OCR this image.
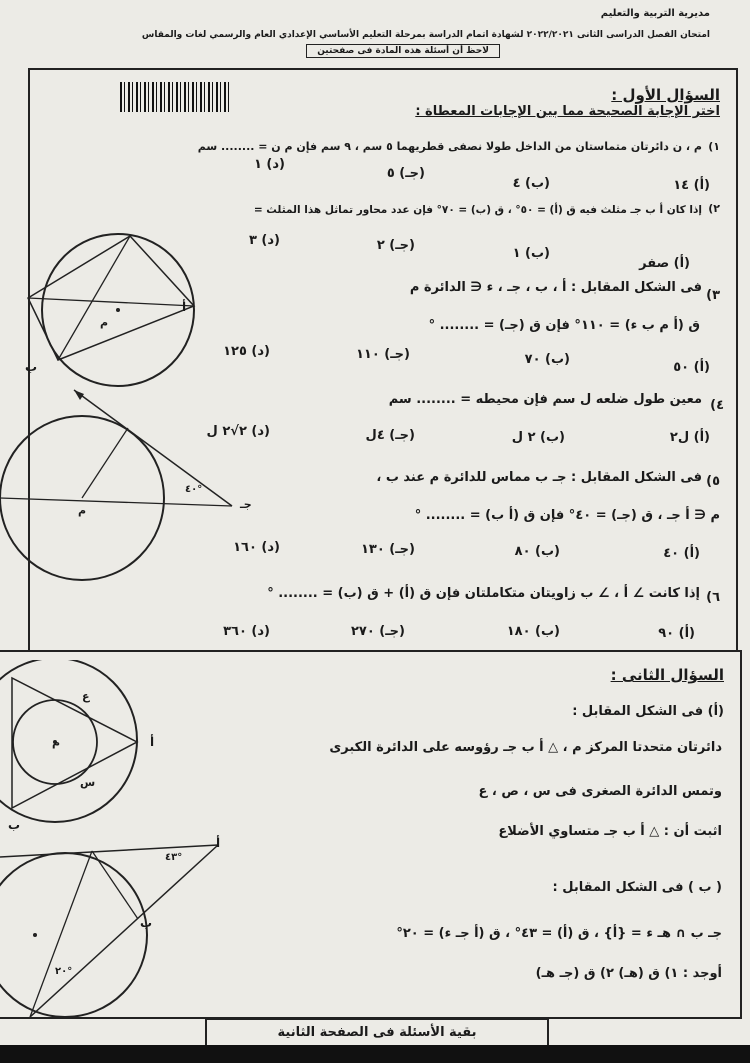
مديرية التربية والتعليم
امتحان الفصل الدراسى الثانى ٢٠٢٢/٢٠٢١ لشهادة اتمام الدراسة بمرحلة التعليم الأساسي الإعدادي العام والرسمي لغات والمقاس
لاحظ أن أسئلة هذه المادة فى صفحتين
السؤال الأول :
اختر الإجابة الصحيحة مما بين الإجابات المعطاة :
١)
م ، ن دائرتان متماستان من الداخل طولا نصفى قطريهما ٥ سم ، ٩ سم فإن م ن = ........ سم
(أ) ١٤
(ب) ٤
(جـ) ٥
(د) ١
٢)
إذا كان أ ب جـ مثلث فيه ق (أ) = ٥٠° ، ق (ب) = ٧٠° فإن عدد محاور تماثل هذا المثلث =
(أ) صفر
(ب) ١
(جـ) ٢
(د) ٣
٣)
فى الشكل المقابل : أ ، ب ، جـ ، ء ∈ الدائرة م
ق (أ م ب ء) = ١١٠° فإن ق (جـ) = ........ °
(أ) ٥٠
(ب) ٧٠
(جـ) ١١٠
(د) ١٢٥
٤)
معين طول ضلعه ل سم فإن محيطه = ........ سم
(أ) ل٢
(ب) ٢ ل
(جـ) ٤ل
(د) ٢√٢ ل
٥)
فى الشكل المقابل : جـ ب مماس للدائرة م عند ب ،
م ∈ أ جـ ، ق (جـ) = ٤٠° فإن ق (أ ب) = ........ °
(أ) ٤٠
(ب) ٨٠
(جـ) ١٣٠
(د) ١٦٠
٦)
إذا كانت ∠ أ ، ∠ ب زاويتان متكاملتان فإن ق (أ) + ق (ب) = ........ °
(أ) ٩٠
(ب) ١٨٠
(جـ) ٢٧٠
(د) ٣٦٠
أ
ب
م
٤٠°
م	جـ
السؤال الثانى :
(أ) فى الشكل المقابل :
دائرتان متحدتا المركز م ، △ أ ب جـ رؤوسه على الدائرة الكبرى
وتمس الدائرة الصغرى فى س ، ص ، ع
اثبت أن : △ أ ب جـ متساوي الأضلاع
( ب ) فى الشكل المقابل :
جـ ب ∩ هـ ء = {أ} ، ق (أ) = ٤٣° ، ق (أ جـ ء) = ٢٠°
أوجد : ١) ق (هـ) ٢) ق (جـ هـ)
أ
ب
ع
س
م
أ
ب
٤٣°
٢٠°
بقية الأسئلة فى الصفحة الثانية
